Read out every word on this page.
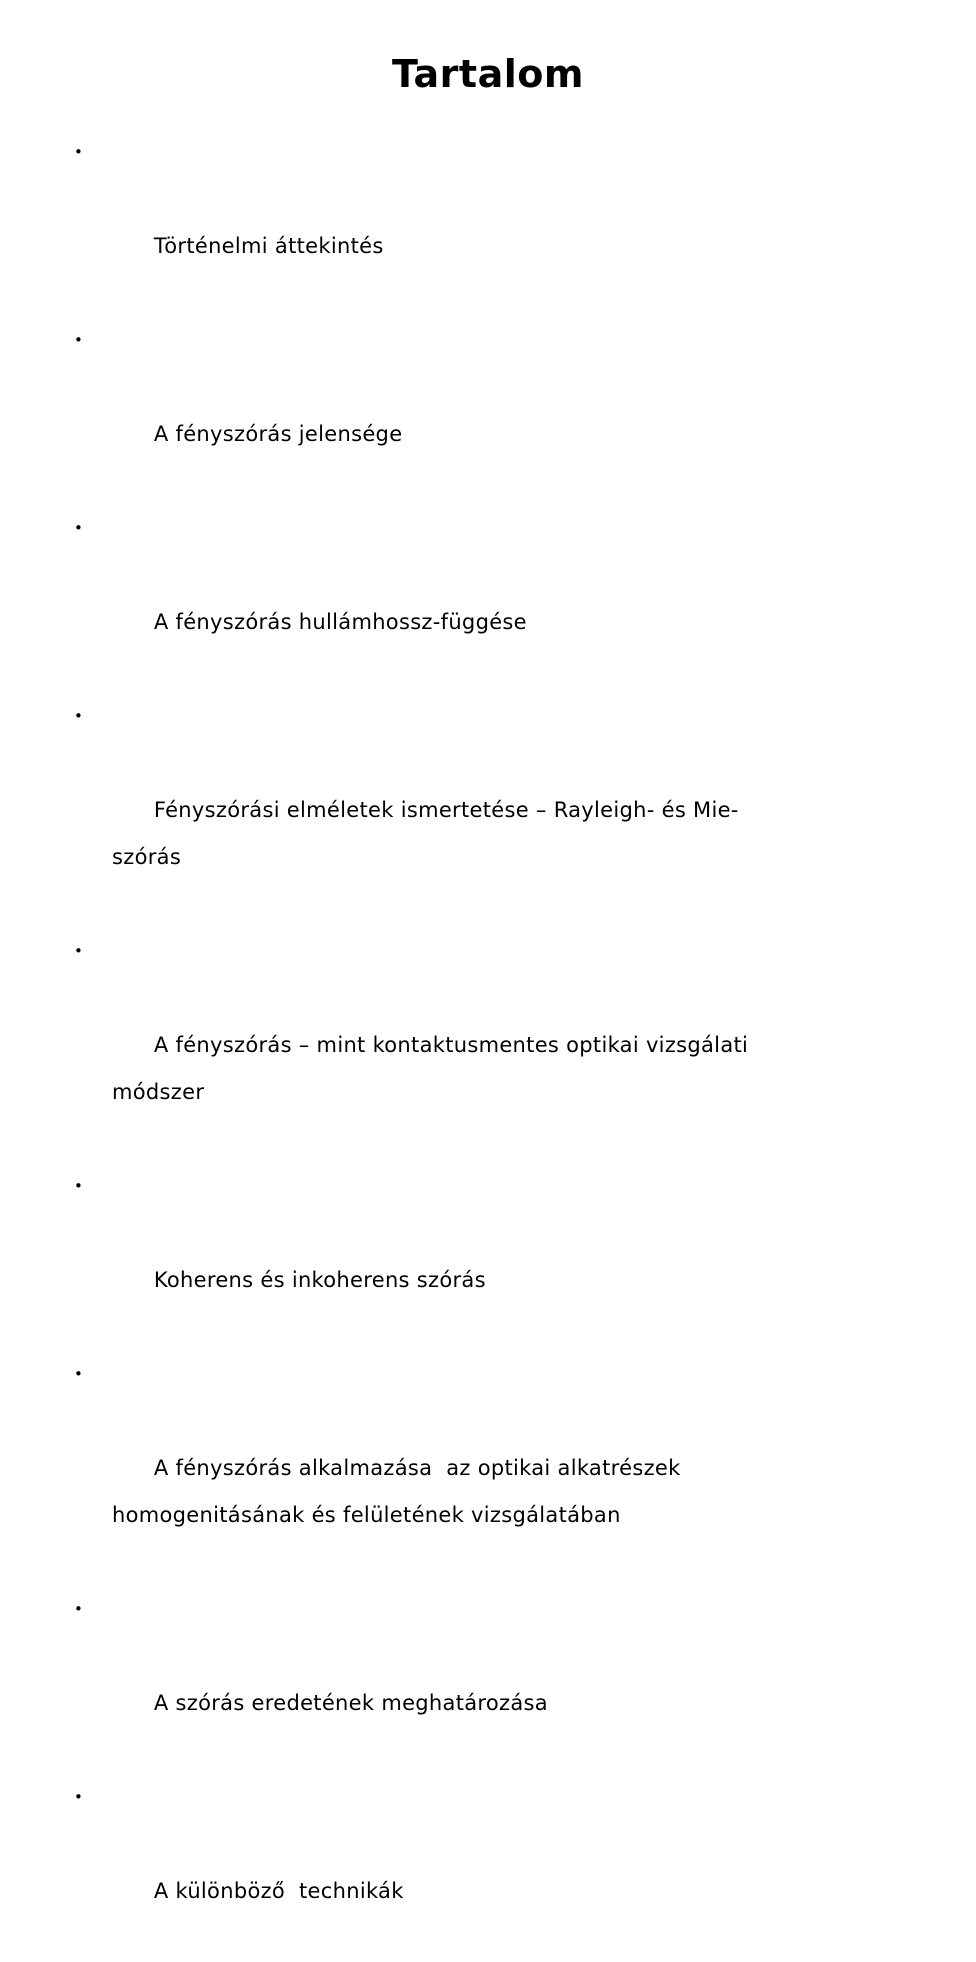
Tartalom

•

Történelmi áttekintés

•

A fényszórás jelensége

•

A fényszórás hullámhossz-függése

•

Fényszórási elméletek ismertetése – Rayleigh- és Mie-
szórás

•

A fényszórás – mint kontaktusmentes optikai vizsgálati
módszer

•

Koherens és inkoherens szórás

•

A fényszórás alkalmazása  az optikai alkatrészek
homogenitásának és felületének vizsgálatában

•

A szórás eredetének meghatározása

•

A különböző  technikák
